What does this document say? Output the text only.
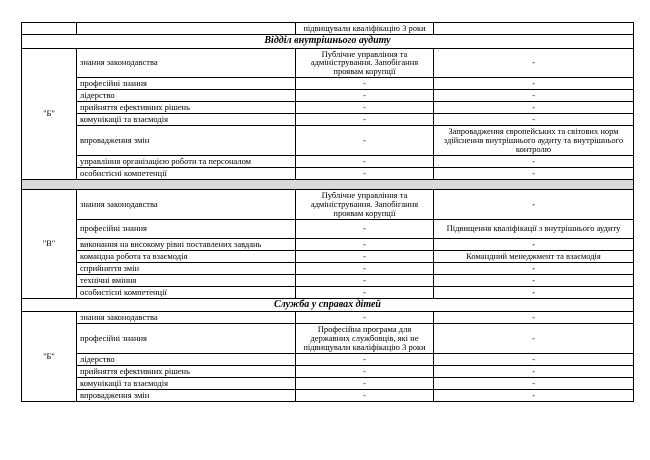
		підвищували кваліфікацію 3 роки	
Відділ внутрішнього аудиту			
"Б"	знання законодавства	Публічне управління та адміністрування. Запобігання проявам корупції	-
	професійні знання	-	-
	лідерство	-	-
	прийняття ефективних рішень	-	-
	комунікації та взаємодія	-	-
	впровадження змін	-	Запровадження європейських та світових норм здійснення внутрішнього аудиту та внутрішнього контролю
	управління організацією роботи та персоналом	-	-
	особистісні компетенції	-	-

"В"	знання законодавства	Публічне управління та адміністрування. Запобігання проявам корупції	-
	професійні знання	-	Підвищення кваліфікації з внутрішнього аудиту
	виконання на високому рівні поставлених завдань	-	-
	командна робота та взаємодія	-	Командний менеджмент та взаємодія
	сприйняття змін	-	-
	технічні вміння	-	-
	особистісні компетенції	-	-
Служба у справах дітей			
"Б"	знання законодавства	-	-
	професійні знання	Професійна програма для державних службовців, які не підвищували кваліфікацію 3 роки	-
	лідерство	-	-
	прийняття ефективних рішень	-	-
	комунікації та взаємодія	-	-
	впровадження змін	-	-
